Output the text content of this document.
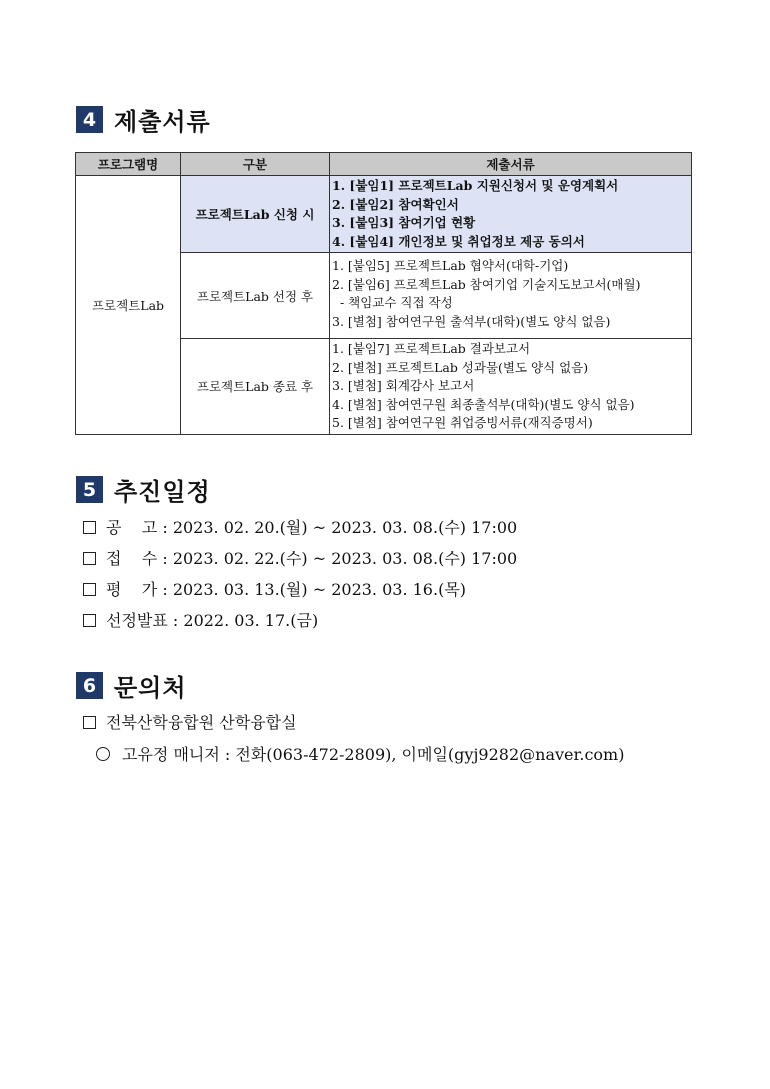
4 제출서류
프로그램명	구분	제출서류
프로젝트Lab	프로젝트Lab 신청 시	1. [붙임1] 프로젝트Lab 지원신청서 및 운영계획서
2. [붙임2] 참여확인서
3. [붙임3] 참여기업 현황
4. [붙임4] 개인정보 및 취업정보 제공 동의서

	프로젝트Lab 선정 후	1. [붙임5] 프로젝트Lab 협약서(대학-기업)
2. [붙임6] 프로젝트Lab 참여기업 기술지도보고서(매월)
- 책임교수 직접 작성
3. [별첨] 참여연구원 출석부(대학)(별도 양식 없음)

	프로젝트Lab 종료 후	1. [붙임7] 프로젝트Lab 결과보고서
2. [별첨] 프로젝트Lab 성과물(별도 양식 없음)
3. [별첨] 회계감사 보고서
4. [별첨] 참여연구원 최종출석부(대학)(별도 양식 없음)
5. [별첨] 참여연구원 취업증빙서류(재직증명서)
5 추진일정
공    고 : 2023. 02. 20.(월) ~ 2023. 03. 08.(수) 17:00
접    수 : 2023. 02. 22.(수) ~ 2023. 03. 08.(수) 17:00
평    가 : 2023. 03. 13.(월) ~ 2023. 03. 16.(목)
선정발표 : 2022. 03. 17.(금)
6 문의처
전북산학융합원 산학융합실
고유정 매니저 : 전화(063-472-2809), 이메일(gyj9282@naver.com)
